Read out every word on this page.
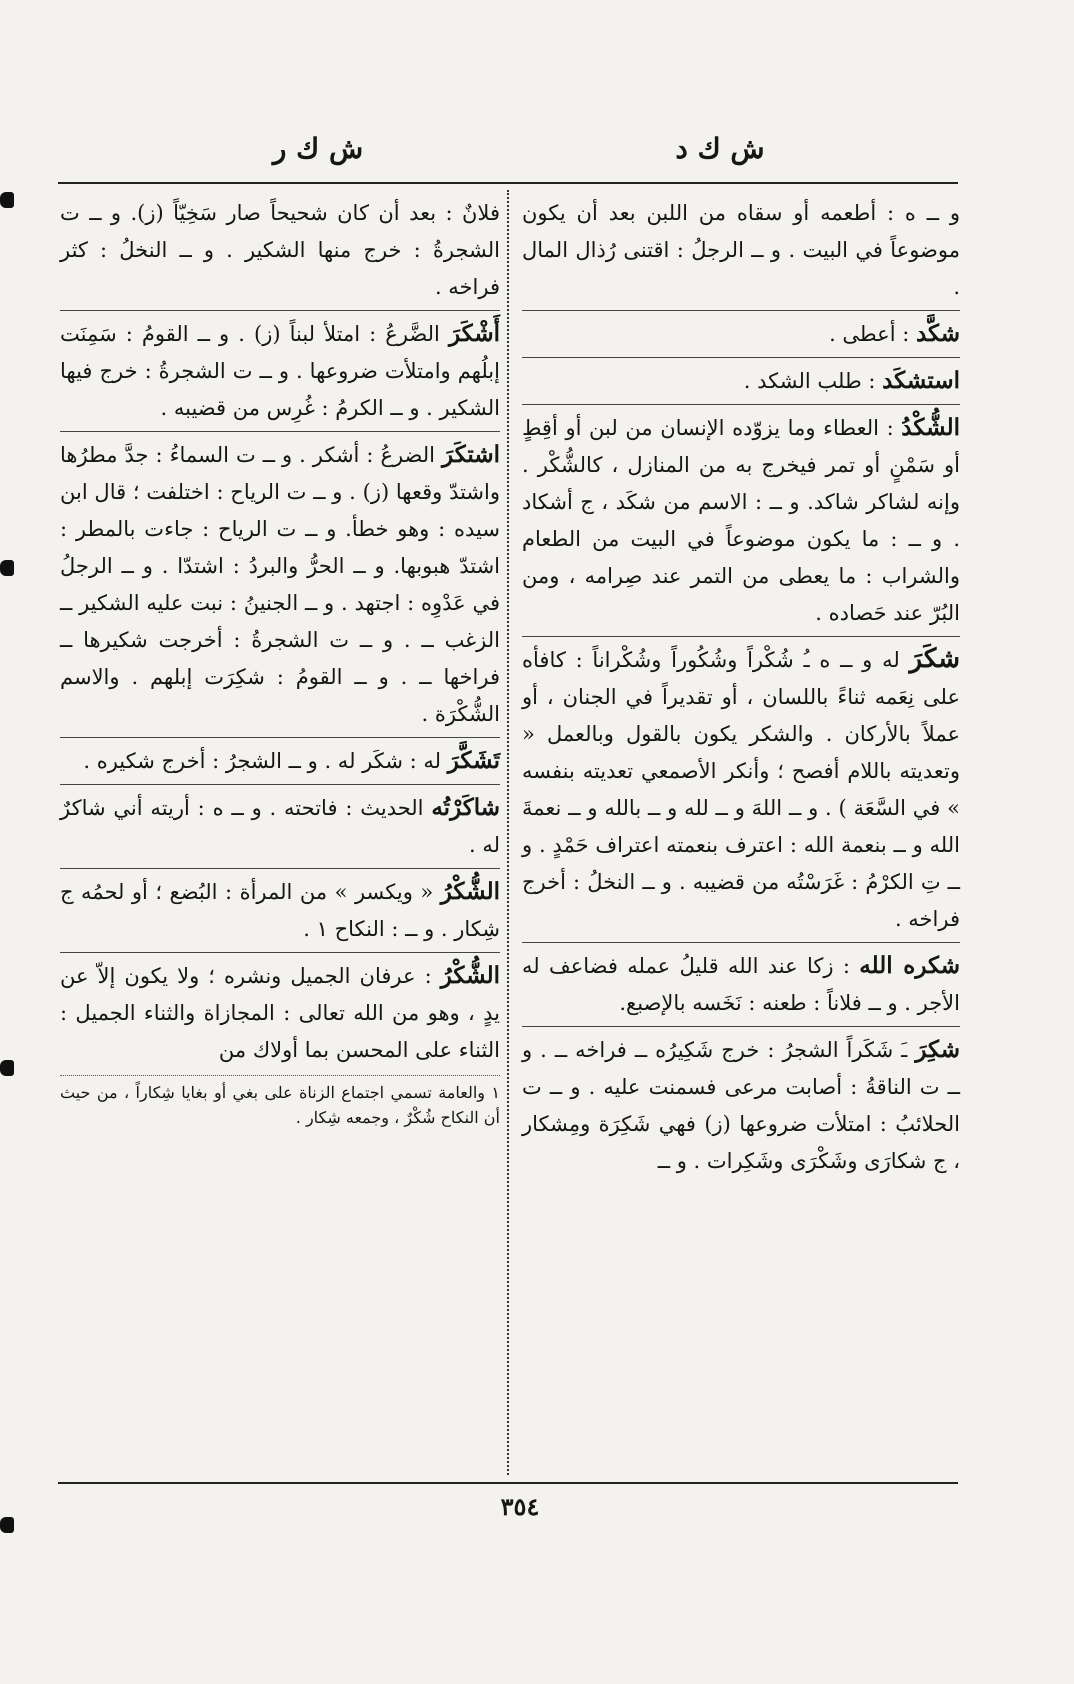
ش ك د
ش ك ر
و ــ ه : أطعمه أو سقاه من اللبن بعد أن يكون موضوعاً في البيت . و ــ الرجلُ : اقتنى رُذال المال .
شكَّد : أعطى .
استشكَد : طلب الشكد .
الشُّكْدُ : العطاء وما يزوّده الإنسان من لبن أو أقِطٍ أو سَمْنٍ أو تمر فيخرج به من المنازل ، كالشُّكْر . وإنه لشاكر شاكد. و ــ : الاسم من شكَد ، ج أشكاد . و ــ : ما يكون موضوعاً في البيت من الطعام والشراب : ما يعطى من التمر عند صِرامه ، ومن البُرّ عند حَصاده .
شكَرَ له و ــ ه ـُ شُكْراً وشُكُوراً وشُكْراناً : كافأه على نِعَمه ثناءً باللسان ، أو تقديراً في الجنان ، أو عملاً بالأركان . والشكر يكون بالقول وبالعمل « وتعديته باللام أفصح ؛ وأنكر الأصمعي تعديته بنفسه » في السَّعَة ) . و ــ اللهَ و ــ لله و ــ بالله و ــ نعمةَ الله و ــ بنعمة الله : اعترف بنعمته اعتراف حَمْدٍ . و ــ تِ الكرْمُ : غَرَسْتُه من قضيبه . و ــ النخلُ : أخرج فراخه .
شكره الله : زكا عند الله قليلُ عمله فضاعف له الأجر . و ــ فلاناً : طعنه : نَخَسه بالإصبع.
شكِرَ ـَ شَكَراً الشجرُ : خرج شَكِيرُه ــ فراخه ــ . و ــ ت الناقةُ : أصابت مرعى فسمنت عليه . و ــ ت الحلائبُ : امتلأت ضروعها (ز) فهي شَكِرَة ومِشكار ، ج شكارَى وشَكْرَى وشَكِرات . و ــ
فلانٌ : بعد أن كان شحيحاً صار سَخِيّاً (ز). و ــ ت الشجرةُ : خرج منها الشكير . و ــ النخلُ : كثر فراخه .
أَشْكَرَ الضَّرعُ : امتلأ لبناً (ز) . و ــ القومُ : سَمِنَت إبلُهم وامتلأت ضروعها . و ــ ت الشجرةُ : خرج فيها الشكير . و ــ الكرمُ : غُرِس من قضيبه .
اشتكَرَ الضرعُ : أشكر . و ــ ت السماءُ : جدَّ مطرُها واشتدّ وقعها (ز) . و ــ ت الرياح : اختلفت ؛ قال ابن سيده : وهو خطأ. و ــ ت الرياح : جاءت بالمطر : اشتدّ هبوبها. و ــ الحرُّ والبردُ : اشتدّا . و ــ الرجلُ في عَدْوِه : اجتهد . و ــ الجنينُ : نبت عليه الشكير ــ الزغب ــ . و ــ ت الشجرةُ : أخرجت شكيرها ــ فراخها ــ . و ــ القومُ : شكِرَت إبلهم . والاسم الشُّكْرَة .
تَشَكَّرَ له : شكَر له . و ــ الشجرُ : أخرج شكيره .
شاكَرْتُه الحديث : فاتحته . و ــ ه : أريته أني شاكرٌ له .
الشُّكْرُ « ويكسر » من المرأة : البُضع ؛ أو لحمُه ج شِكار . و ــ : النكاح ١ .
الشُّكْرُ : عرفان الجميل ونشره ؛ ولا يكون إلاّ عن يدٍ ، وهو من الله تعالى : المجازاة والثناء الجميل : الثناء على المحسن بما أولاك من
١ والعامة تسمي اجتماع الزناة على بغي أو بغايا شِكاراً ، من حيث أن النكاح شُكْرٌ ، وجمعه شِكار .
٣٥٤
